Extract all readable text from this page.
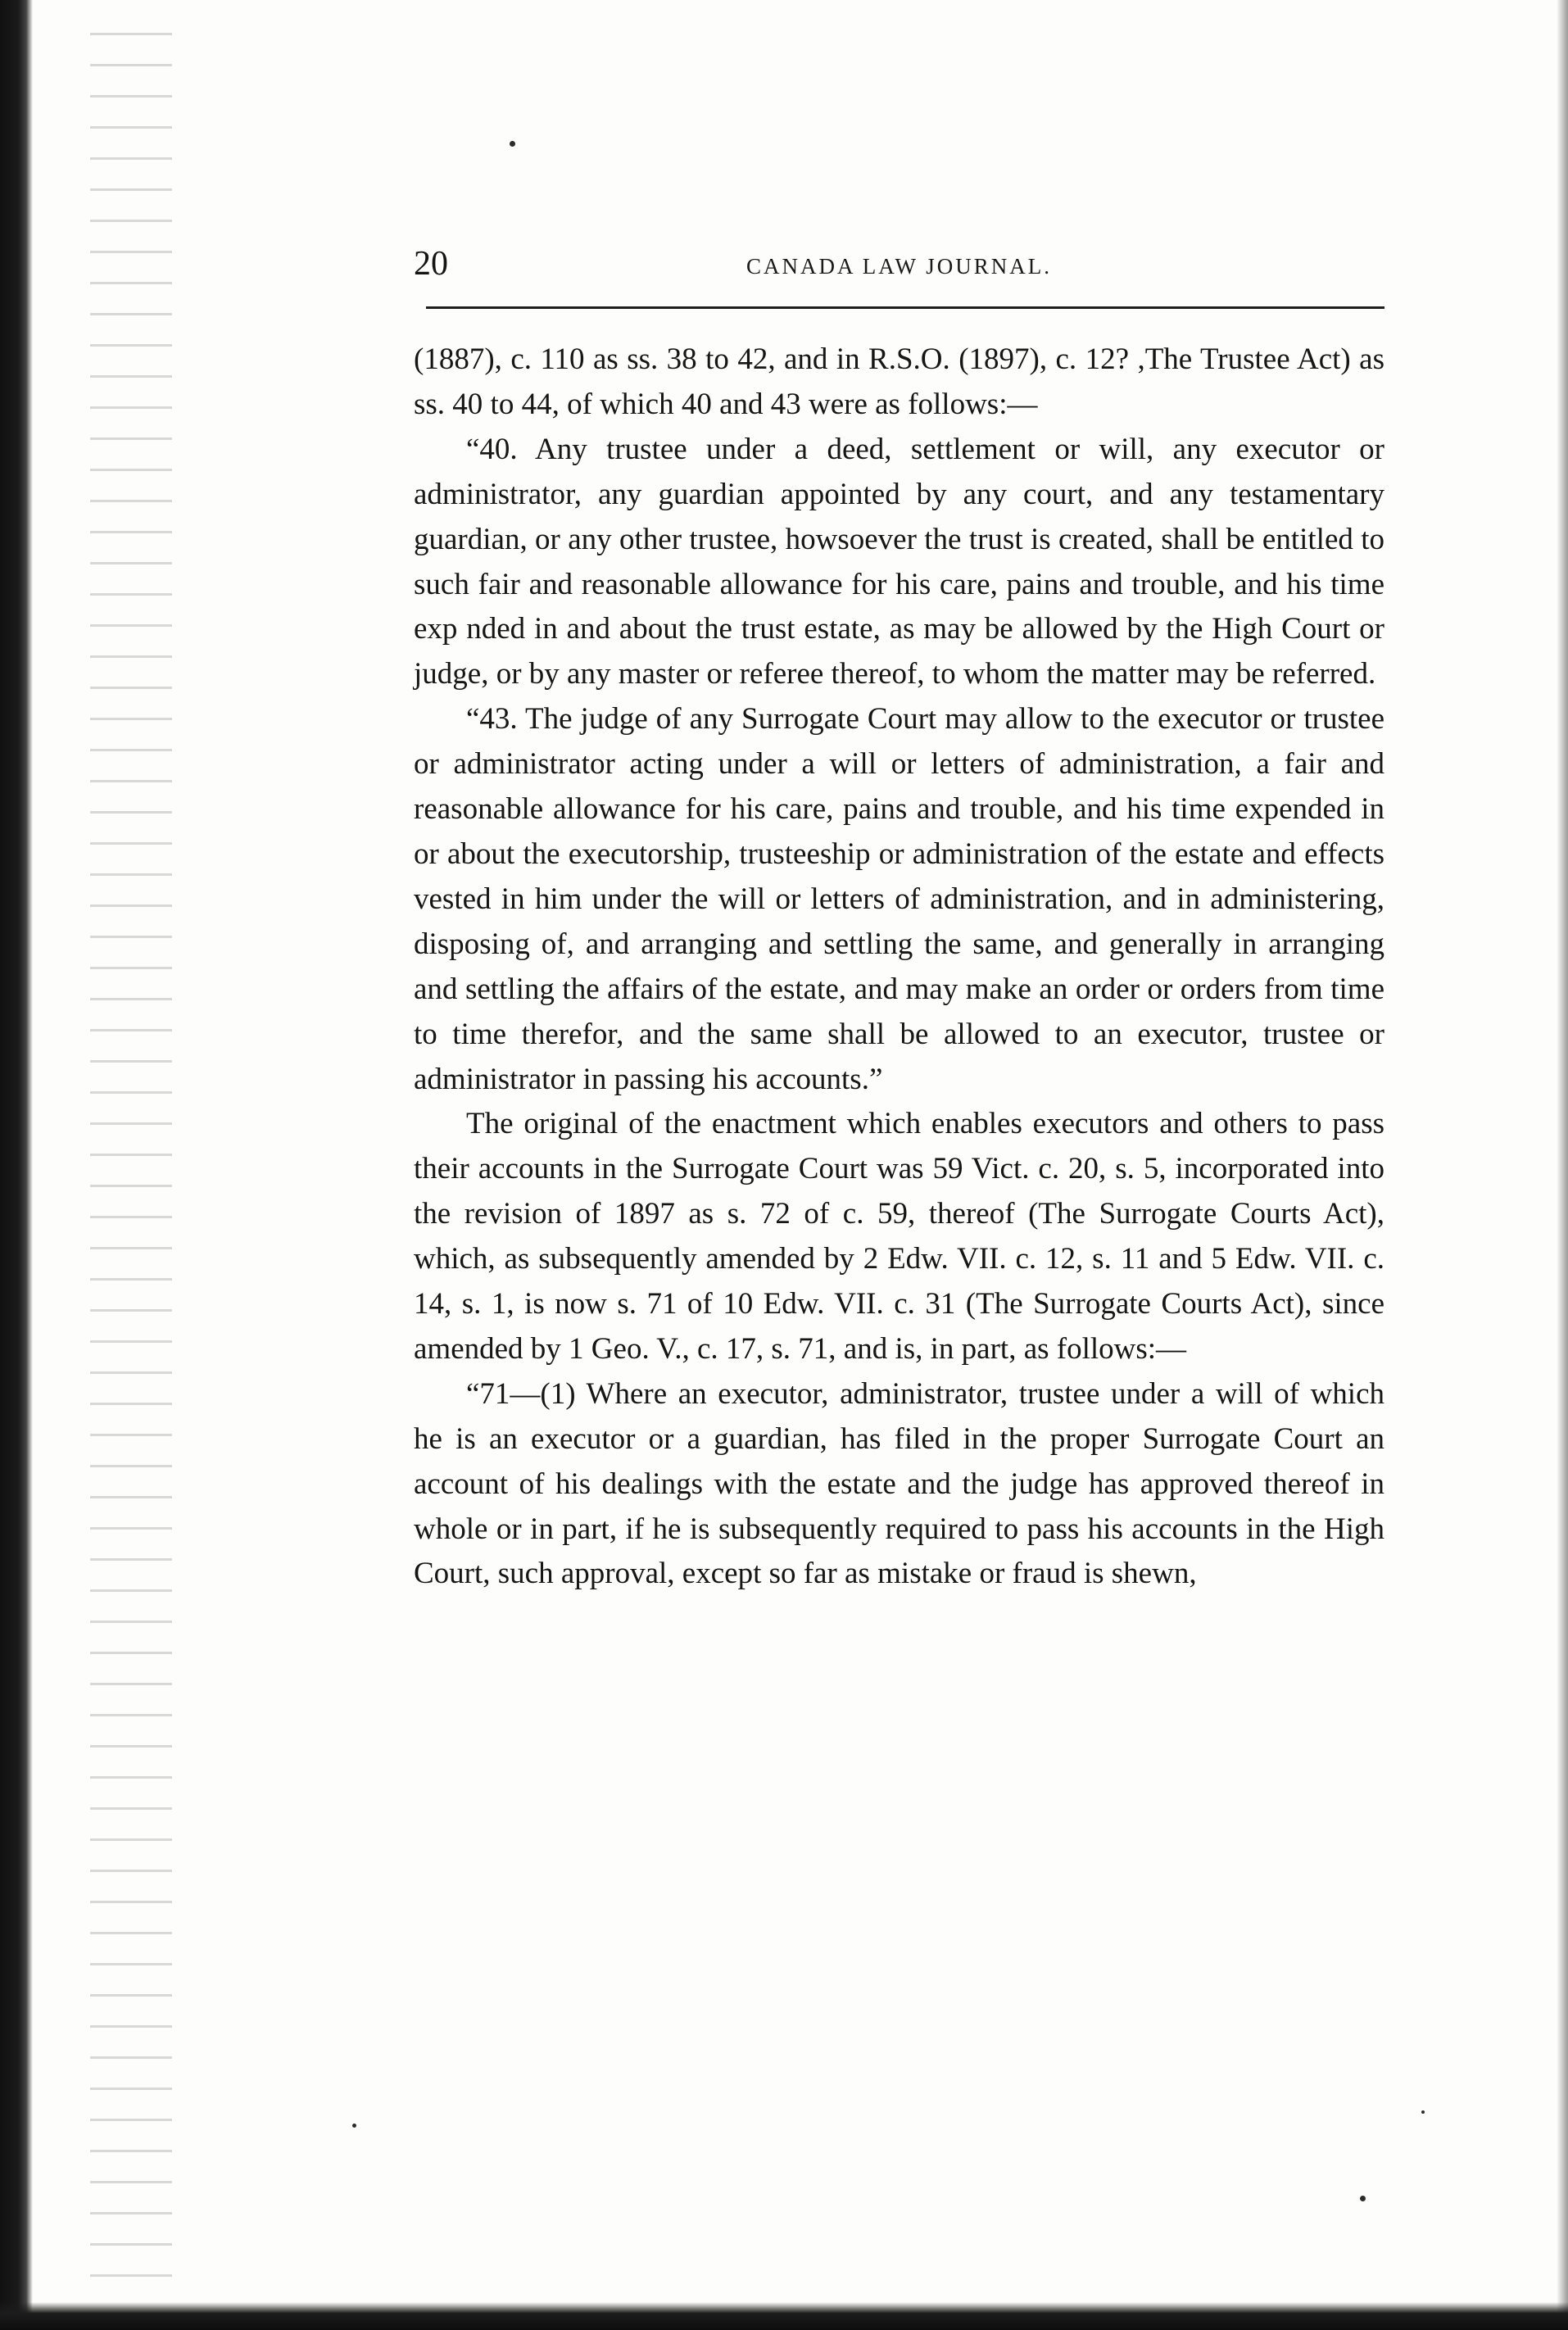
20	CANADA LAW JOURNAL.

(1887), c. 110 as ss. 38 to 42, and in R.S.O. (1897), c. 12? ,The Trustee Act) as ss. 40 to 44, of which 40 and 43 were as follows:—

“40. Any trustee under a deed, settlement or will, any executor or administrator, any guardian appointed by any court, and any testamentary guardian, or any other trustee, howsoever the trust is created, shall be entitled to such fair and reasonable allowance for his care, pains and trouble, and his time exp nded in and about the trust estate, as may be allowed by the High Court or judge, or by any master or referee thereof, to whom the matter may be referred.

“43. The judge of any Surrogate Court may allow to the executor or trustee or administrator acting under a will or letters of administration, a fair and reasonable allowance for his care, pains and trouble, and his time expended in or about the executorship, trusteeship or administration of the estate and effects vested in him under the will or letters of administration, and in administering, disposing of, and arranging and settling the same, and generally in arranging and settling the affairs of the estate, and may make an order or orders from time to time therefor, and the same shall be allowed to an executor, trustee or administrator in passing his accounts.”

The original of the enactment which enables executors and others to pass their accounts in the Surrogate Court was 59 Vict. c. 20, s. 5, incorporated into the revision of 1897 as s. 72 of c. 59, thereof (The Surrogate Courts Act), which, as subsequently amended by 2 Edw. VII. c. 12, s. 11 and 5 Edw. VII. c. 14, s. 1, is now s. 71 of 10 Edw. VII. c. 31 (The Surrogate Courts Act), since amended by 1 Geo. V., c. 17, s. 71, and is, in part, as follows:—

“71—(1) Where an executor, administrator, trustee under a will of which he is an executor or a guardian, has filed in the proper Surrogate Court an account of his dealings with the estate and the judge has approved thereof in whole or in part, if he is subsequently required to pass his accounts in the High Court, such approval, except so far as mistake or fraud is shewn,
